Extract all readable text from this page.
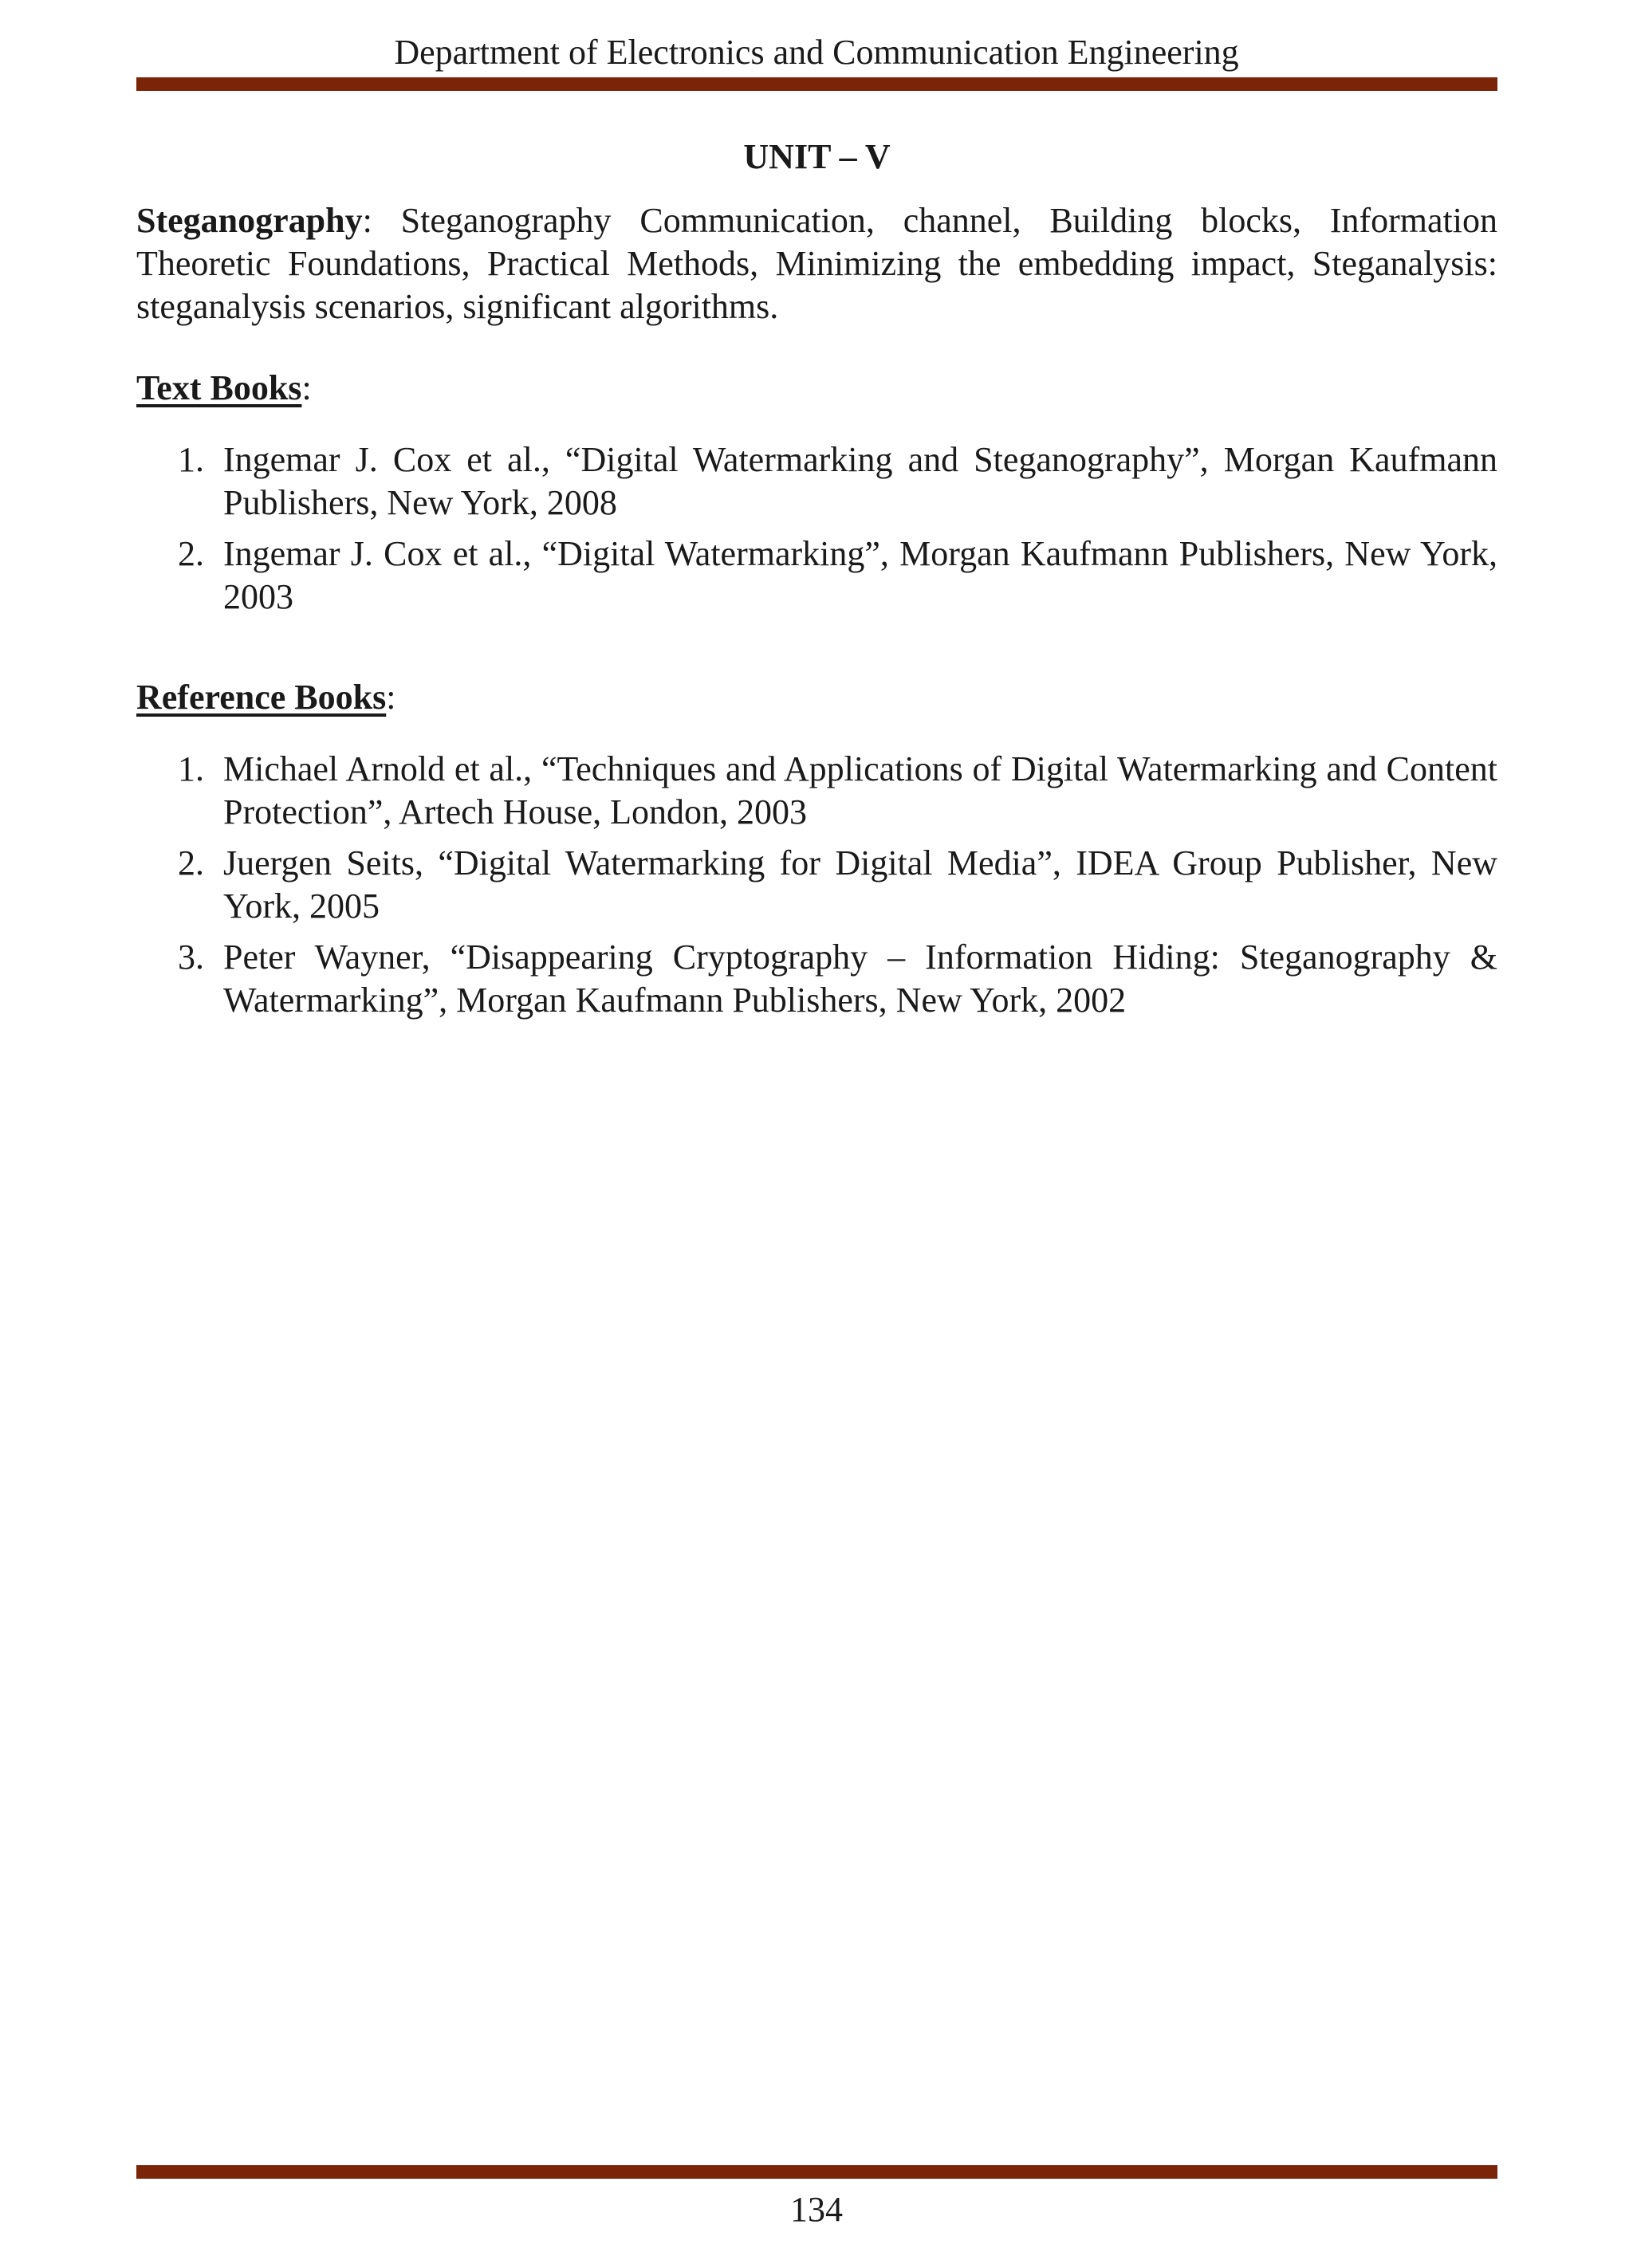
Department of Electronics and Communication Engineering

UNIT – V

Steganography: Steganography Communication, channel, Building blocks, Information Theoretic Foundations, Practical Methods, Minimizing the embedding impact, Steganalysis: steganalysis scenarios, significant algorithms.

Text Books:

1. Ingemar J. Cox et al., “Digital Watermarking and Steganography”, Morgan Kaufmann Publishers, New York, 2008
2. Ingemar J. Cox et al., “Digital Watermarking”, Morgan Kaufmann Publishers, New York, 2003

Reference Books:

1. Michael Arnold et al., “Techniques and Applications of Digital Watermarking and Content Protection”, Artech House, London, 2003
2. Juergen Seits, “Digital Watermarking for Digital Media”, IDEA Group Publisher, New York, 2005
3. Peter Wayner, “Disappearing Cryptography – Information Hiding: Steganography & Watermarking”, Morgan Kaufmann Publishers, New York, 2002
134
